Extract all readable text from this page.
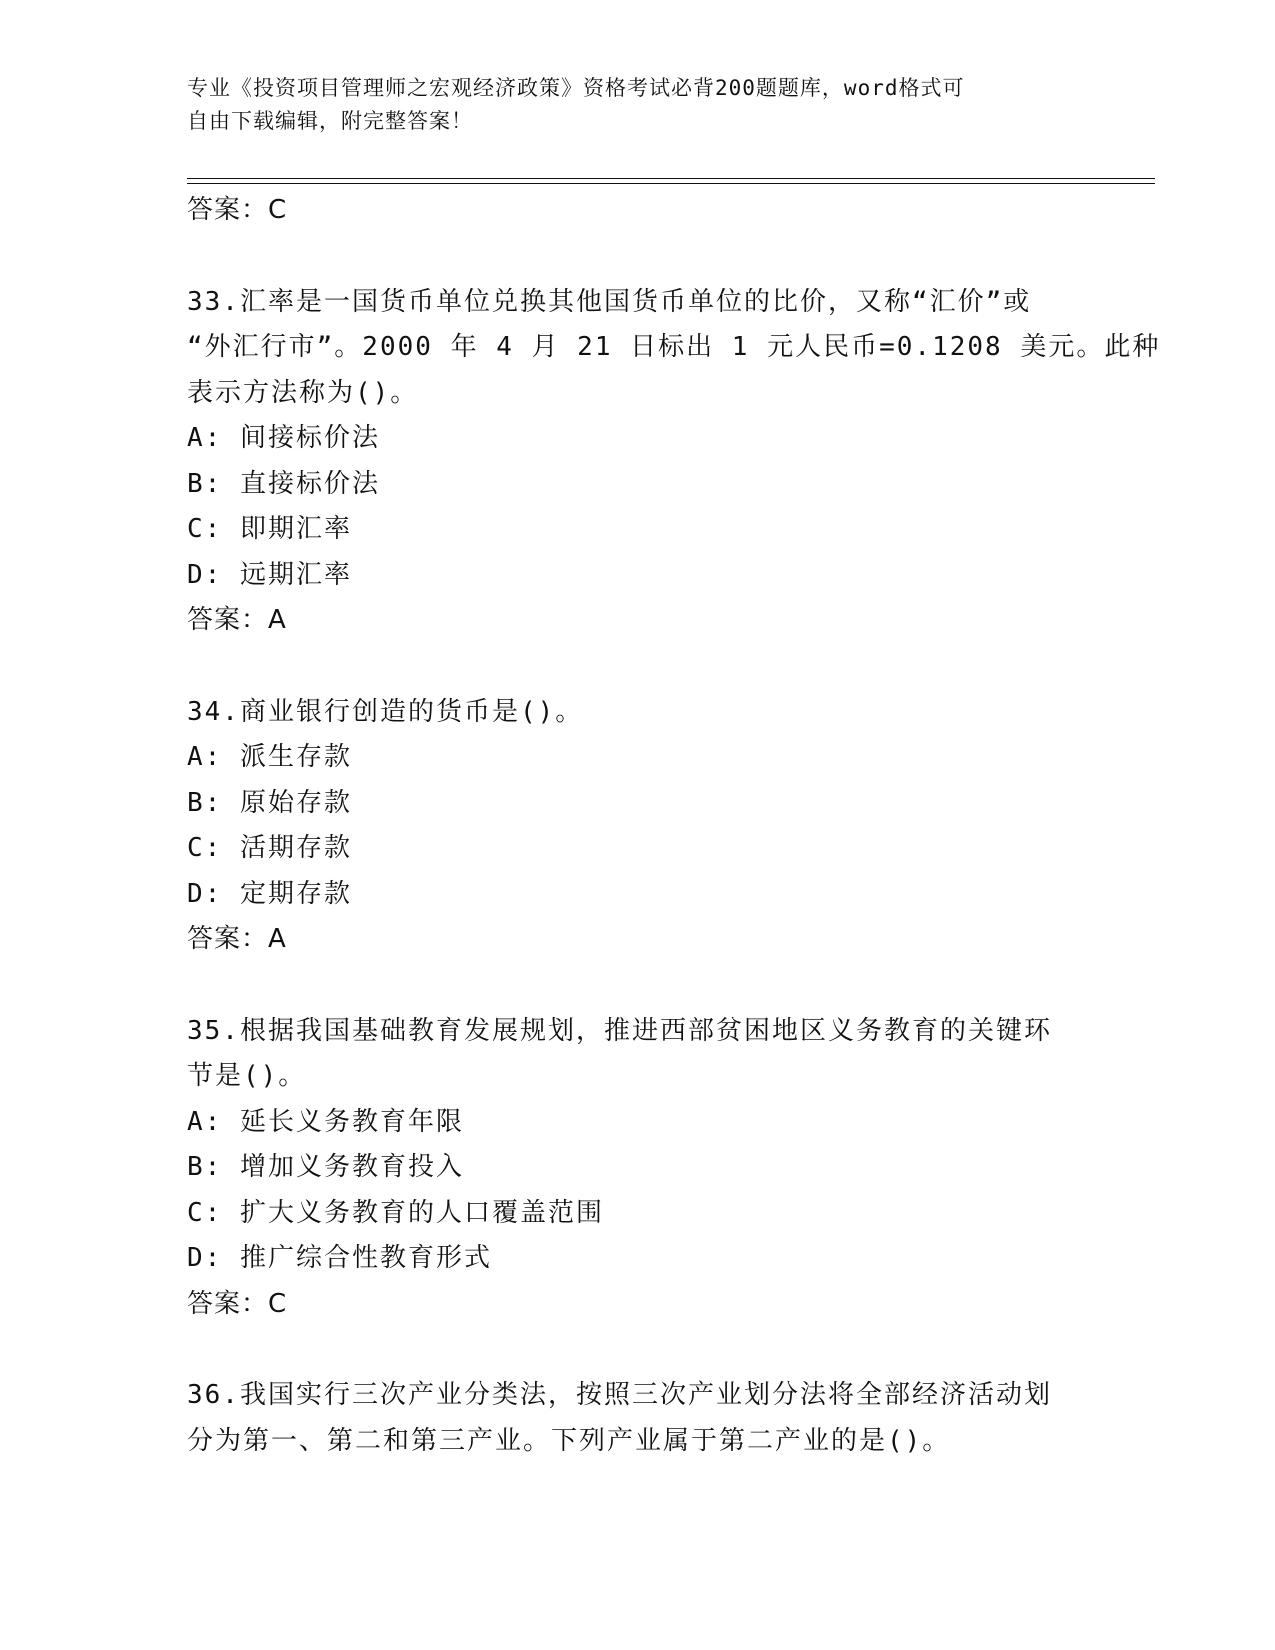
专业《投资项目管理师之宏观经济政策》资格考试必背200题题库，word格式可
自由下载编辑，附完整答案！
答案：C
33.汇率是一国货币单位兑换其他国货币单位的比价，又称“汇价”或
“外汇行市”。2000 年 4 月 21 日标出 1 元人民币=0.1208 美元。此种
表示方法称为()。
A: 间接标价法
B: 直接标价法
C: 即期汇率
D: 远期汇率
答案：A
34.商业银行创造的货币是()。
A: 派生存款
B: 原始存款
C: 活期存款
D: 定期存款
答案：A
35.根据我国基础教育发展规划，推进西部贫困地区义务教育的关键环
节是()。
A: 延长义务教育年限
B: 增加义务教育投入
C: 扩大义务教育的人口覆盖范围
D: 推广综合性教育形式
答案：C
36.我国实行三次产业分类法，按照三次产业划分法将全部经济活动划
分为第一、第二和第三产业。下列产业属于第二产业的是()。
